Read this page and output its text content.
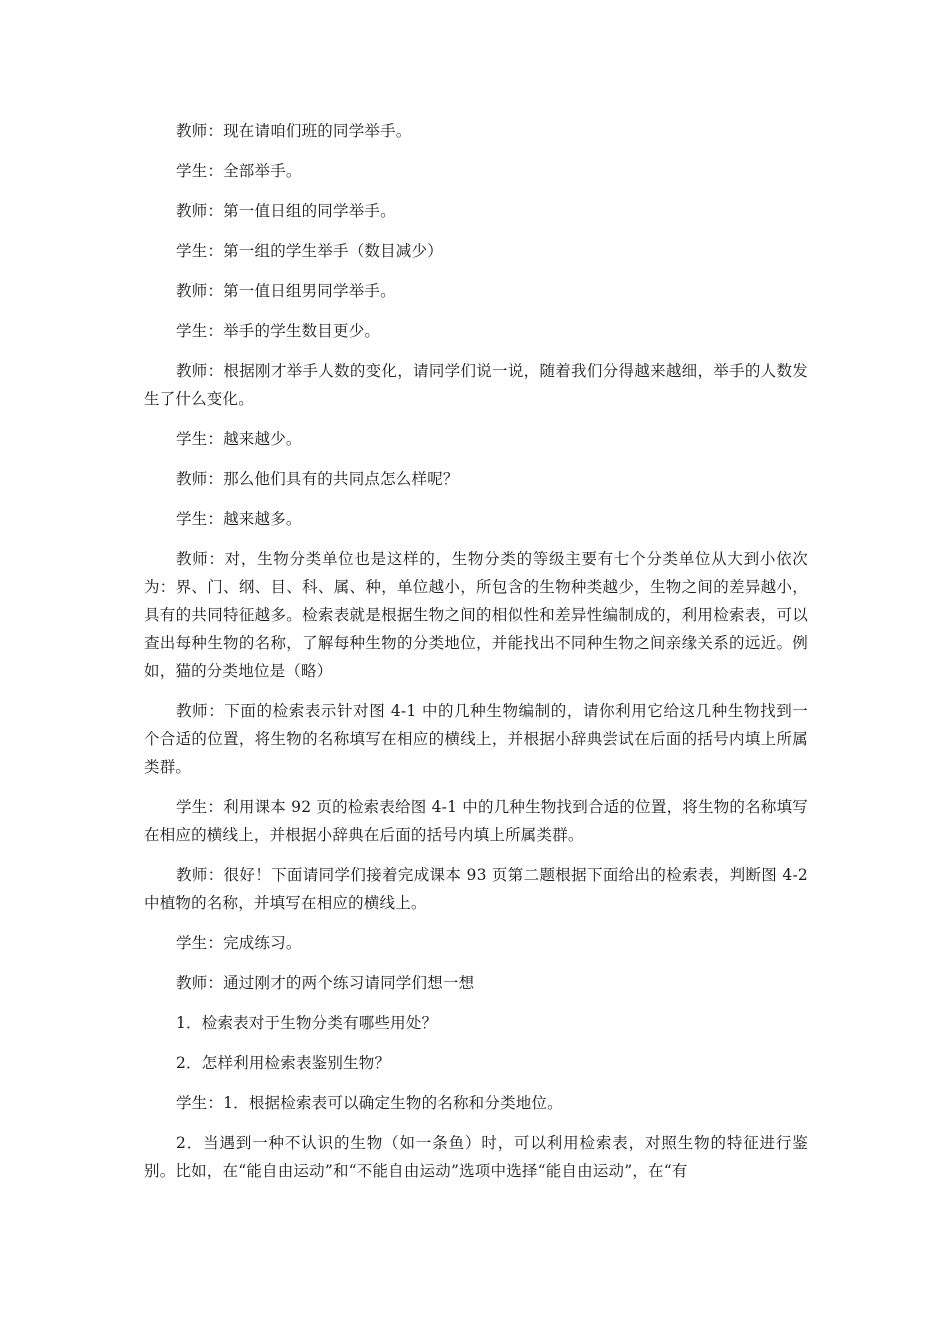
教师：现在请咱们班的同学举手。

学生：全部举手。

教师：第一值日组的同学举手。

学生：第一组的学生举手（数目减少）

教师：第一值日组男同学举手。

学生：举手的学生数目更少。

教师：根据刚才举手人数的变化，请同学们说一说，随着我们分得越来越细，举手的人数发生了什么变化。

学生：越来越少。

教师：那么他们具有的共同点怎么样呢？

学生：越来越多。

教师：对，生物分类单位也是这样的，生物分类的等级主要有七个分类单位从大到小依次为：界、门、纲、目、科、属、种，单位越小，所包含的生物种类越少，生物之间的差异越小，具有的共同特征越多。检索表就是根据生物之间的相似性和差异性编制成的，利用检索表，可以查出每种生物的名称，了解每种生物的分类地位，并能找出不同种生物之间亲缘关系的远近。例如，猫的分类地位是（略）

教师：下面的检索表示针对图 4-1 中的几种生物编制的，请你利用它给这几种生物找到一个合适的位置，将生物的名称填写在相应的横线上，并根据小辞典尝试在后面的括号内填上所属类群。

学生：利用课本 92 页的检索表给图 4-1 中的几种生物找到合适的位置，将生物的名称填写在相应的横线上，并根据小辞典在后面的括号内填上所属类群。

教师：很好！下面请同学们接着完成课本 93 页第二题根据下面给出的检索表，判断图 4-2 中植物的名称，并填写在相应的横线上。

学生：完成练习。

教师：通过刚才的两个练习请同学们想一想

1．检索表对于生物分类有哪些用处？

2．怎样利用检索表鉴别生物？

学生：1．根据检索表可以确定生物的名称和分类地位。

2．当遇到一种不认识的生物（如一条鱼）时，可以利用检索表，对照生物的特征进行鉴别。比如，在“能自由运动”和“不能自由运动”选项中选择“能自由运动”，在“有
